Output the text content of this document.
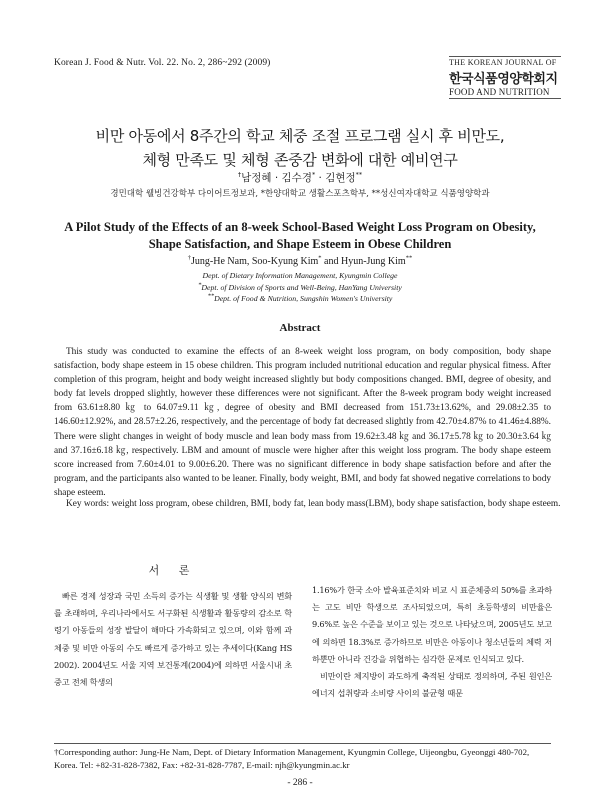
Korean J. Food & Nutr. Vol. 22. No. 2, 286~292 (2009)	THE KOREAN JOURNAL OF
한국식품영양학회지
FOOD AND NUTRITION
비만 아동에서 8주간의 학교 체중 조절 프로그램 실시 후 비만도,
체형 만족도 및 체형 존중감 변화에 대한 예비연구
†남정혜 · 김수경* · 김현정**
경민대학 웰빙건강학부 다이어트정보과, *한양대학교 생활스포츠학부, **성신여자대학교 식품영양학과
A Pilot Study of the Effects of an 8-week School-Based Weight Loss Program on Obesity,
Shape Satisfaction, and Shape Esteem in Obese Children
†Jung-He Nam, Soo-Kyung Kim* and Hyun-Jung Kim**
Dept. of Dietary Information Management, Kyungmin College
*Dept. of Division of Sports and Well-Being, HanYang University
**Dept. of Food & Nutrition, Sungshin Women's University
Abstract
This study was conducted to examine the effects of an 8-week weight loss program, on body composition, body shape satisfaction, body shape esteem in 15 obese children. This program included nutritional education and regular physical fitness. After completion of this program, height and body weight increased slightly but body compositions changed. BMI, degree of obesity, and body fat levels dropped slightly, however these differences were not significant. After the 8-week program body weight increased from 63.61±8.80 ㎏ to 64.07±9.11 ㎏, degree of obesity and BMI decreased from 151.73±13.62%, and 29.08±2.35 to 146.60±12.92%, and 28.57±2.26, respectively, and the percentage of body fat decreased slightly from 42.70±4.87% to 41.46±4.88%. There were slight changes in weight of body muscle and lean body mass from 19.62±3.48 ㎏ and 36.17±5.78 ㎏ to 20.30±3.64 ㎏ and 37.16±6.18 ㎏, respectively. LBM and amount of muscle were higher after this weight loss program. The body shape esteem score increased from 7.60±4.01 to 9.00±6.20. There was no significant difference in body shape satisfaction before and after the program, and the participants also wanted to be leaner. Finally, body weight, BMI, and body fat showed negative correlations to body shape esteem.
Key words: weight loss program, obese children, BMI, body fat, lean body mass(LBM), body shape satisfaction, body shape esteem.
서 론

빠른 경제 성장과 국민 소득의 증가는 식생활 및 생활 양식의 변화를 초래하며, 우리나라에서도 서구화된 식생활과 활동량의 감소로 학령기 아동들의 성장 발달이 해마다 가속화되고 있으며, 이와 함께 과체중 및 비만 아동의 수도 빠르게 증가하고 있는 추세이다(Kang HS 2002). 2004년도 서울 지역 보건통계(2004)에 의하면 서울시내 초중고 전체 학생의

1.16%가 한국 소아 발육표준치와 비교 시 표준체중의 50%를 초과하는 고도 비만 학생으로 조사되었으며, 특히 초등학생의 비만율은 9.6%로 높은 수준을 보이고 있는 것으로 나타났으며, 2005년도 보고에 의하면 18.3%로 증가하므로 비만은 아동이나 청소년들의 체력 저하뿐만 아니라 건강을 위협하는 심각한 문제로 인식되고 있다.

비만이란 체지방이 과도하게 축적된 상태로 정의하며, 주된 원인은 에너지 섭취량과 소비량 사이의 불균형 때문

†Corresponding author: Jung-He Nam, Dept. of Dietary Information Management, Kyungmin College, Uijeongbu, Gyeonggi 480-702, Korea. Tel: +82-31-828-7382, Fax: +82-31-828-7787, E-mail: njh@kyungmin.ac.kr
- 286 -
